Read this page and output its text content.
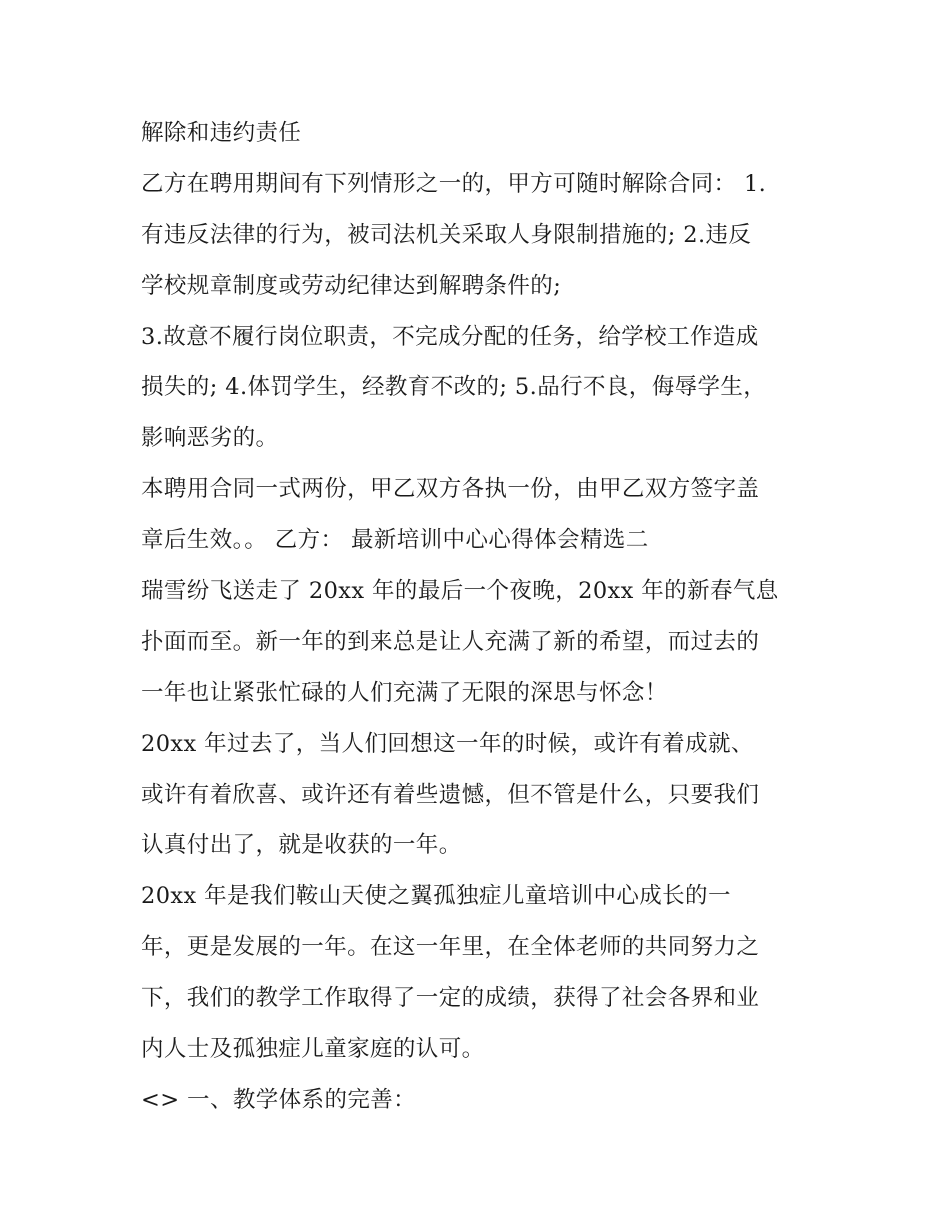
解除和违约责任
乙方在聘用期间有下列情形之一的，甲方可随时解除合同： 1.
有违反法律的行为，被司法机关采取人身限制措施的; 2.违反
学校规章制度或劳动纪律达到解聘条件的;
3.故意不履行岗位职责，不完成分配的任务，给学校工作造成
损失的; 4.体罚学生，经教育不改的; 5.品行不良，侮辱学生，
影响恶劣的。
本聘用合同一式两份，甲乙双方各执一份，由甲乙双方签字盖
章后生效。。 乙方： 最新培训中心心得体会精选二
瑞雪纷飞送走了 20xx 年的最后一个夜晚，20xx 年的新春气息
扑面而至。新一年的到来总是让人充满了新的希望，而过去的
一年也让紧张忙碌的人们充满了无限的深思与怀念！
20xx 年过去了，当人们回想这一年的时候，或许有着成就、
或许有着欣喜、或许还有着些遗憾，但不管是什么，只要我们
认真付出了，就是收获的一年。
20xx 年是我们鞍山天使之翼孤独症儿童培训中心成长的一
年，更是发展的一年。在这一年里，在全体老师的共同努力之
下，我们的教学工作取得了一定的成绩，获得了社会各界和业
内人士及孤独症儿童家庭的认可。
<> 一、教学体系的完善：
